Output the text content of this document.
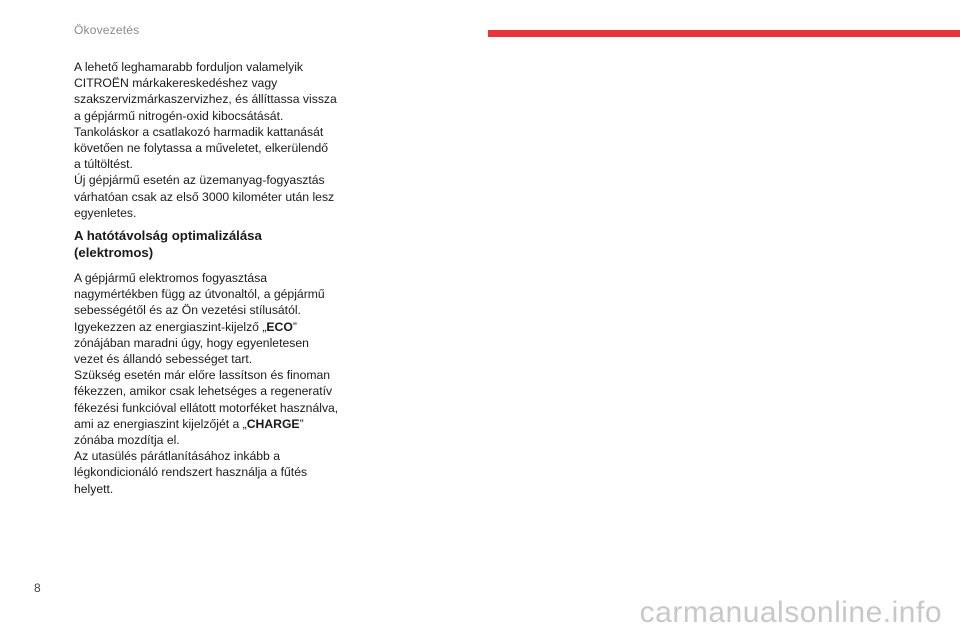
Ökovezetés

A lehető leghamarabb forduljon valamelyik
CITROËN márkakereskedéshez vagy
szakszervizmárkaszervizhez, és állíttassa vissza
a gépjármű nitrogén-oxid kibocsátását.
Tankoláskor a csatlakozó harmadik kattanását
követően ne folytassa a műveletet, elkerülendő
a túltöltést.
Új gépjármű esetén az üzemanyag-fogyasztás
várhatóan csak az első 3000 kilométer után lesz
egyenletes.

A hatótávolság optimalizálása
(elektromos)

A gépjármű elektromos fogyasztása
nagymértékben függ az útvonaltól, a gépjármű
sebességétől és az Ön vezetési stílusától.
Igyekezzen az energiaszint-kijelző „ECO”
zónájában maradni úgy, hogy egyenletesen
vezet és állandó sebességet tart.
Szükség esetén már előre lassítson és finoman
fékezzen, amikor csak lehetséges a regeneratív
fékezési funkcióval ellátott motorféket használva,
ami az energiaszint kijelzőjét a „CHARGE”
zónába mozdítja el.
Az utasülés párátlanításához inkább a
légkondicionáló rendszert használja a fűtés
helyett.

8
carmanualsonline.info
